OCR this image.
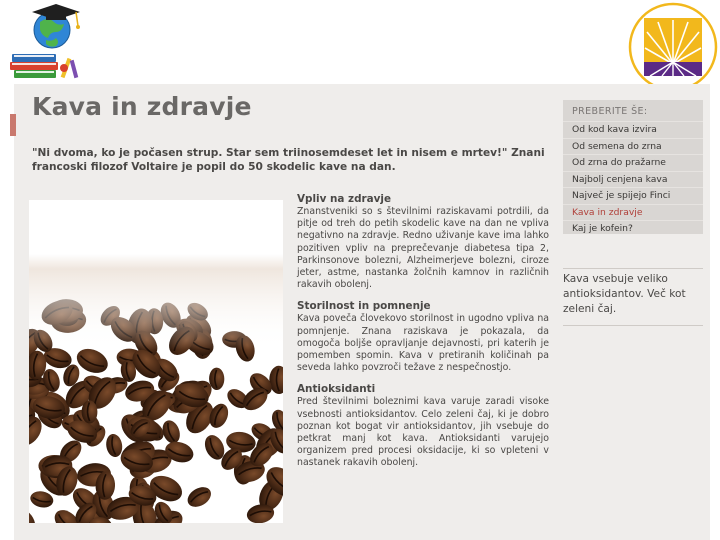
Kava in zdravje

"Ni dvoma, ko je počasen strup. Star sem triinosemdeset let in nisem e mrtev!" Znani francoski filozof Voltaire je popil do 50 skodelic kave na dan.

Vpliv na zdravje

Znanstveniki so s številnimi raziskavami potrdili, da pitje od treh do petih skodelic kave na dan ne vpliva negativno na zdravje. Redno uživanje kave ima lahko pozitiven vpliv na preprečevanje diabetesa tipa 2, Parkinsonove bolezni, Alzheimerjeve bolezni, ciroze jeter, astme, nastanka žolčnih kamnov in različnih rakavih obolenj.

Storilnost in pomnenje

Kava poveča človekovo storilnost in ugodno vpliva na pomnjenje. Znana raziskava je pokazala, da omogoča boljše opravljanje dejavnosti, pri katerih je pomemben spomin. Kava v pretiranih količinah pa seveda lahko povzroči težave z nespečnostjo.

Antioksidanti

Pred številnimi boleznimi kava varuje zaradi visoke vsebnosti antioksidantov. Celo zeleni čaj, ki je dobro poznan kot bogat vir antioksidantov, jih vsebuje do petkrat manj kot kava. Antioksidanti varujejo organizem pred procesi oksidacije, ki so vpleteni v nastanek rakavih obolenj.

PREBERITE ŠE:
Od kod kava izvira
Od semena do zrna
Od zrna do pražarne
Najbolj cenjena kava
Največ je spijejo Finci
Kava in zdravje
Kaj je kofein?

Kava vsebuje veliko antioksidantov. Več kot zeleni čaj.
